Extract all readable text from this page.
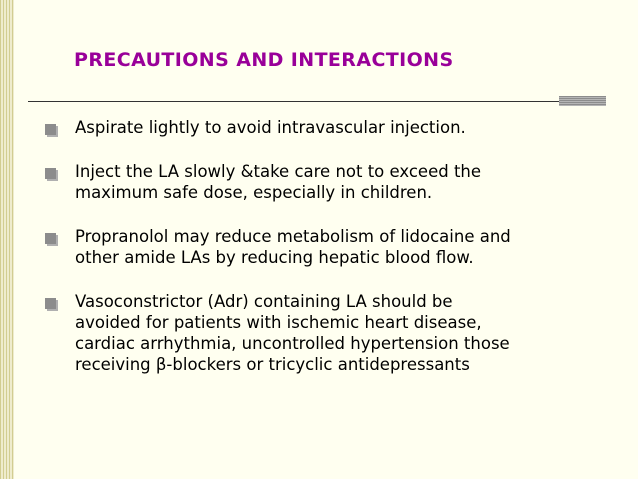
PRECAUTIONS AND INTERACTIONS
Aspirate lightly to avoid intravascular injection.
Inject the LA slowly &take care not to exceed the
maximum safe dose, especially in children.
Propranolol may reduce metabolism of lidocaine and
other amide LAs by reducing hepatic blood flow.
Vasoconstrictor (Adr) containing LA should be
avoided for patients with ischemic heart disease,
cardiac arrhythmia, uncontrolled hypertension those
receiving β-blockers or tricyclic antidepressants
